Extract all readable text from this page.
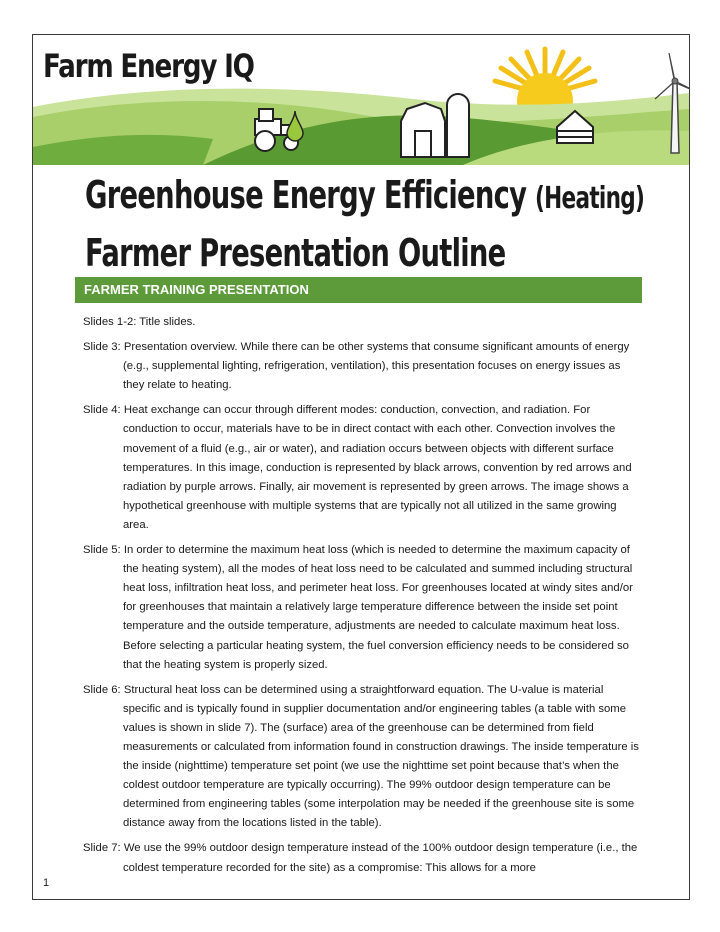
Farm Energy IQ
Greenhouse Energy Efficiency (Heating)
Farmer Presentation Outline
FARMER TRAINING PRESENTATION

Slides 1-2: Title slides.

Slide 3: Presentation overview. While there can be other systems that consume significant amounts of energy (e.g., supplemental lighting, refrigeration, ventilation), this presentation focuses on energy issues as they relate to heating.

Slide 4: Heat exchange can occur through different modes: conduction, convection, and radiation. For conduction to occur, materials have to be in direct contact with each other. Convection involves the movement of a fluid (e.g., air or water), and radiation occurs between objects with different surface temperatures. In this image, conduction is represented by black arrows, convention by red arrows and radiation by purple arrows. Finally, air movement is represented by green arrows. The image shows a hypothetical greenhouse with multiple systems that are typically not all utilized in the same growing area.

Slide 5: In order to determine the maximum heat loss (which is needed to determine the maximum capacity of the heating system), all the modes of heat loss need to be calculated and summed including structural heat loss, infiltration heat loss, and perimeter heat loss. For greenhouses located at windy sites and/or for greenhouses that maintain a relatively large temperature difference between the inside set point temperature and the outside temperature, adjustments are needed to calculate maximum heat loss. Before selecting a particular heating system, the fuel conversion efficiency needs to be considered so that the heating system is properly sized.

Slide 6: Structural heat loss can be determined using a straightforward equation. The U-value is material specific and is typically found in supplier documentation and/or engineering tables (a table with some values is shown in slide 7). The (surface) area of the greenhouse can be determined from field measurements or calculated from information found in construction drawings. The inside temperature is the inside (nighttime) temperature set point (we use the nighttime set point because that’s when the coldest outdoor temperature are typically occurring). The 99% outdoor design temperature can be determined from engineering tables (some interpolation may be needed if the greenhouse site is some distance away from the locations listed in the table).

Slide 7: We use the 99% outdoor design temperature instead of the 100% outdoor design temperature (i.e., the coldest temperature recorded for the site) as a compromise: This allows for a more

1
